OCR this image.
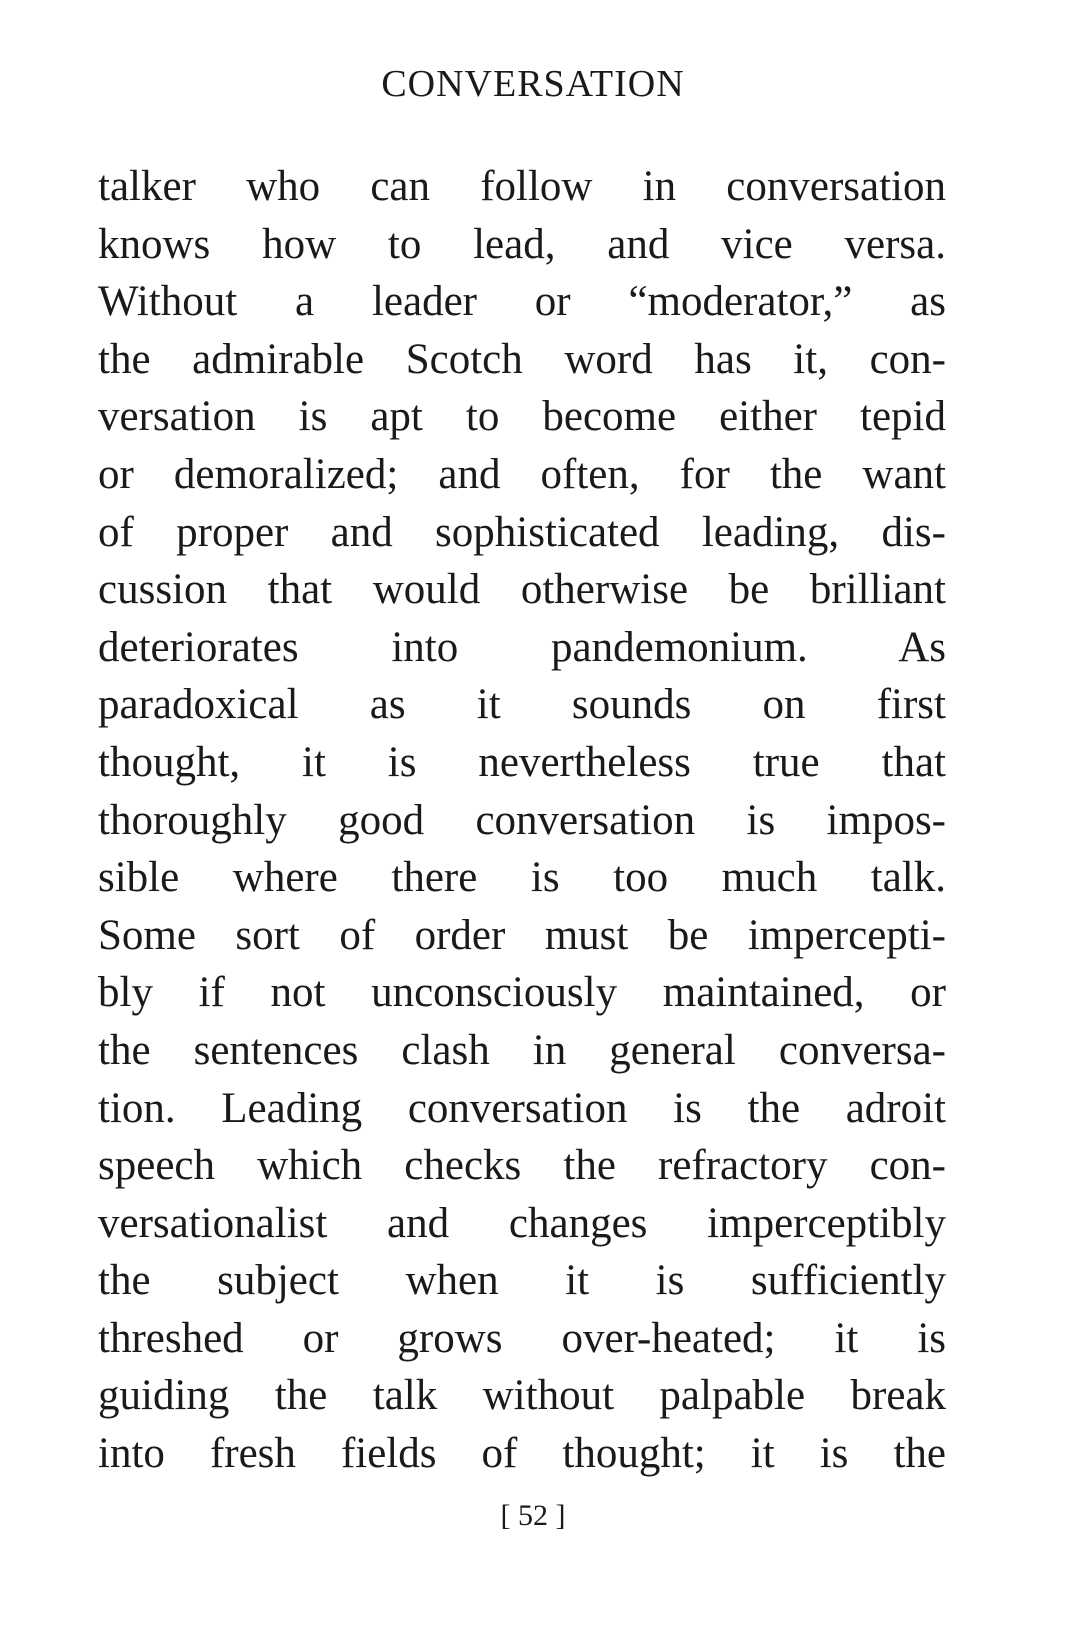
CONVERSATION
talker who can follow in conversation
knows how to lead, and vice versa.
Without a leader or “moderator,” as
the admirable Scotch word has it, con-
versation is apt to become either tepid
or demoralized; and often, for the want
of proper and sophisticated leading, dis-
cussion that would otherwise be brilliant
deteriorates into pandemonium. As
paradoxical as it sounds on first
thought, it is nevertheless true that
thoroughly good conversation is impos-
sible where there is too much talk.
Some sort of order must be impercepti-
bly if not unconsciously maintained, or
the sentences clash in general conversa-
tion. Leading conversation is the adroit
speech which checks the refractory con-
versationalist and changes imperceptibly
the subject when it is sufficiently
threshed or grows over-heated; it is
guiding the talk without palpable break
into fresh fields of thought; it is the
[ 52 ]
